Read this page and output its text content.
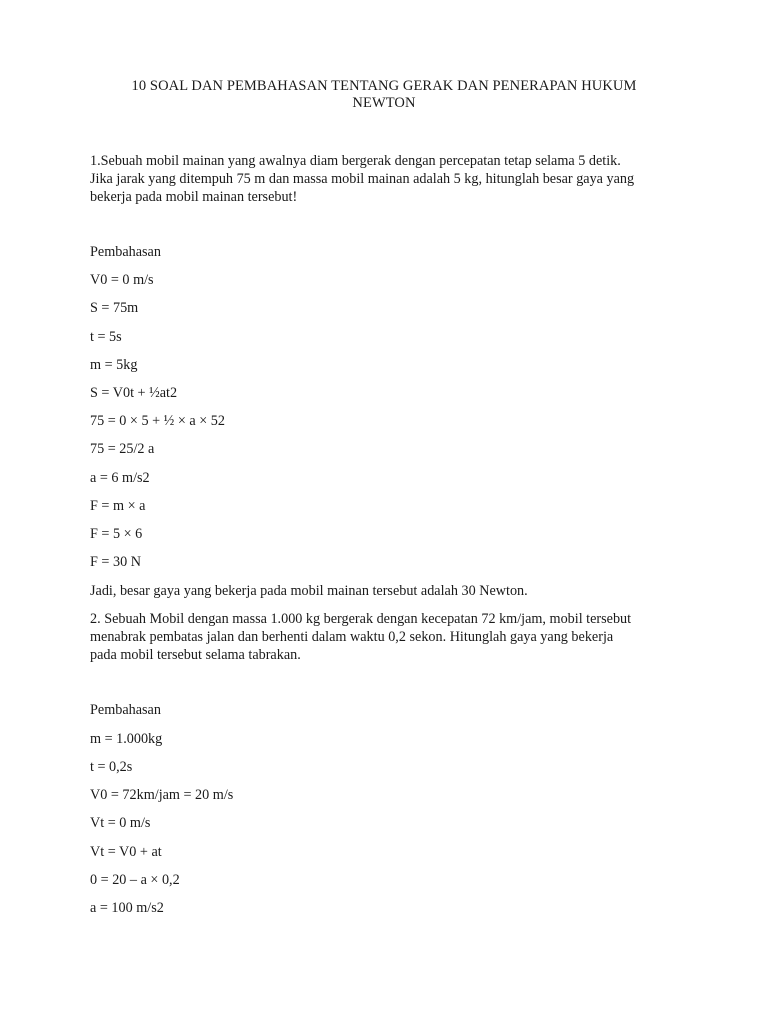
10 SOAL DAN PEMBAHASAN TENTANG GERAK DAN PENERAPAN HUKUM
NEWTON
1.Sebuah mobil mainan yang awalnya diam bergerak dengan percepatan tetap selama 5 detik.
Jika jarak yang ditempuh 75 m dan massa mobil mainan adalah 5 kg, hitunglah besar gaya yang
bekerja pada mobil mainan tersebut!
Pembahasan
V0 = 0 m/s
S = 75m
t = 5s
m = 5kg
S = V0t + ½at2
75 = 0 × 5 + ½ × a × 52
75 = 25/2 a
a = 6 m/s2
F = m × a
F = 5 × 6
F = 30 N
Jadi, besar gaya yang bekerja pada mobil mainan tersebut adalah 30 Newton.
2. Sebuah Mobil dengan massa 1.000 kg bergerak dengan kecepatan 72 km/jam, mobil tersebut
menabrak pembatas jalan dan berhenti dalam waktu 0,2 sekon. Hitunglah gaya yang bekerja
pada mobil tersebut selama tabrakan.
Pembahasan
m = 1.000kg
t = 0,2s
V0 = 72km/jam = 20 m/s
Vt = 0 m/s
Vt = V0 + at
0 = 20 – a × 0,2
a = 100 m/s2
